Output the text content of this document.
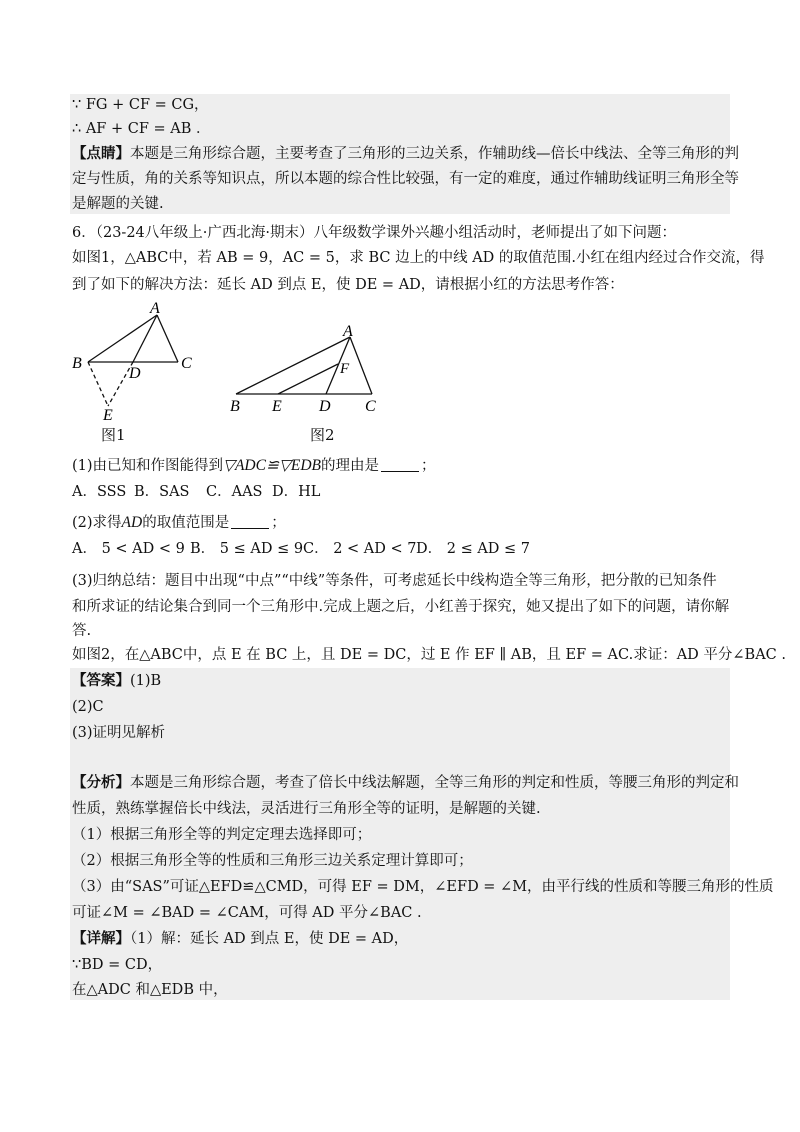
∵ FG + CF = CG，
∴ AF + CF = AB ．
【点睛】本题是三角形综合题，主要考查了三角形的三边关系，作辅助线—倍长中线法、全等三角形的判
定与性质，角的关系等知识点，所以本题的综合性比较强，有一定的难度，通过作辅助线证明三角形全等
是解题的关键.
6．（23-24八年级上·广西北海·期末）八年级数学课外兴趣小组活动时，老师提出了如下问题：
如图1，△ABC中，若 AB = 9，AC = 5，求 BC 边上的中线 AD 的取值范围.小红在组内经过合作交流，得
到了如下的解决方法：延长 AD 到点 E，使 DE = AD，请根据小红的方法思考作答：
A
B	C
D
E
图1
A
F
B E D C
图2
(1)由已知和作图能得到▽ADC≌▽EDB的理由是	；
A．SSS B．SAS C．AAS D．HL
(2)求得AD的取值范围是	；
A． 5 < AD < 9 B． 5 ≤ AD ≤ 9 C． 2 < AD < 7 D． 2 ≤ AD ≤ 7
(3)归纳总结：题目中出现“中点”“中线”等条件，可考虑延长中线构造全等三角形，把分散的已知条件
和所求证的结论集合到同一个三角形中.完成上题之后，小红善于探究，她又提出了如下的问题，请你解
答.
如图2，在△ABC中，点 E 在 BC 上，且 DE = DC，过 E 作 EF ∥ AB，且 EF = AC.求证：AD 平分∠BAC .
【答案】(1)B
(2)C
(3)证明见解析
【分析】本题是三角形综合题，考查了倍长中线法解题，全等三角形的判定和性质，等腰三角形的判定和
性质，熟练掌握倍长中线法，灵活进行三角形全等的证明，是解题的关键.
（1）根据三角形全等的判定定理去选择即可；
（2）根据三角形全等的性质和三角形三边关系定理计算即可；
（3）由“SAS”可证△EFD≌△CMD，可得 EF = DM，∠EFD = ∠M，由平行线的性质和等腰三角形的性质
可证∠M = ∠BAD = ∠CAM，可得 AD 平分∠BAC .
【详解】（1）解：延长 AD 到点 E，使 DE = AD，
∵BD = CD，
在△ADC 和△EDB 中，
